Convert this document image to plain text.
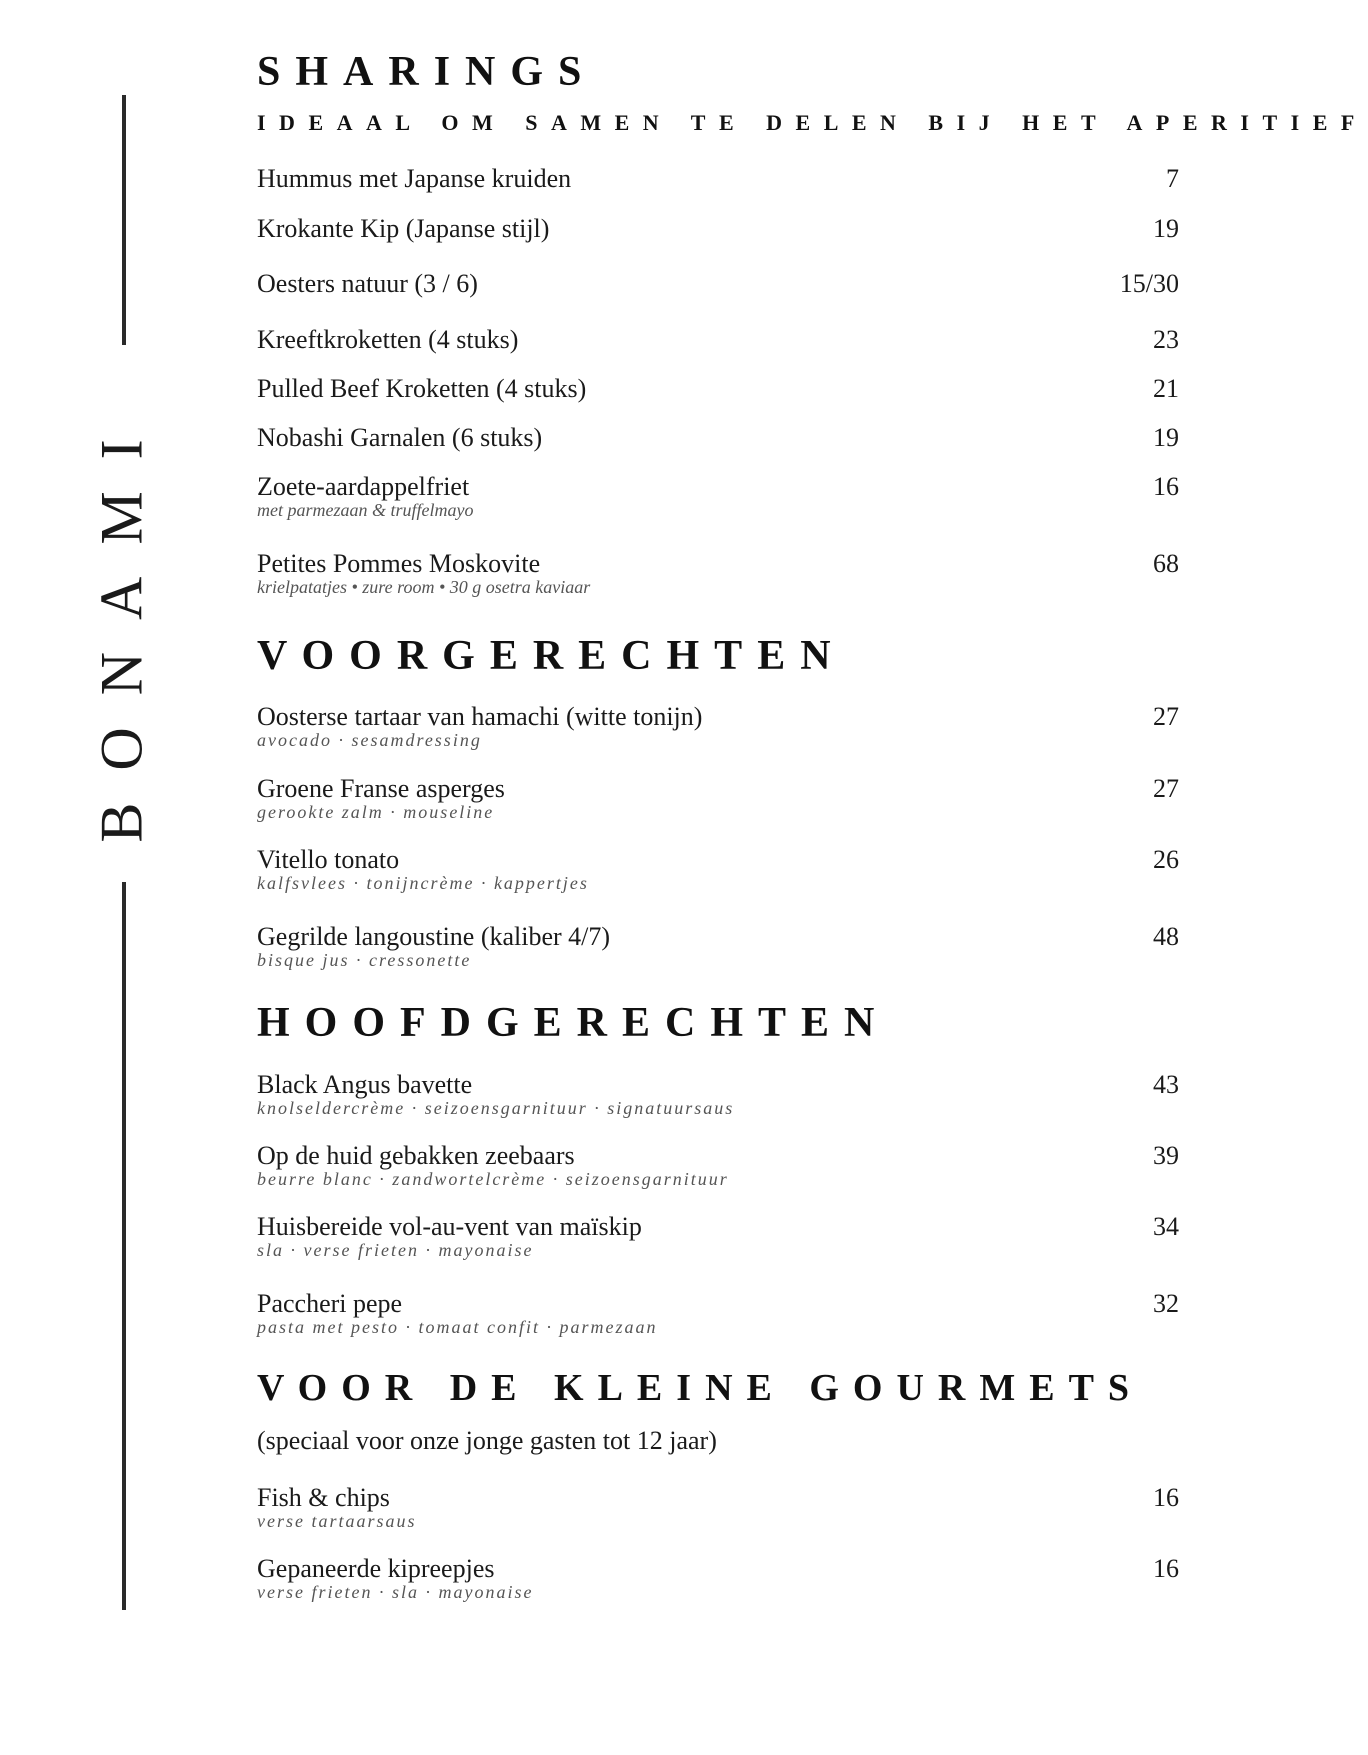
BONAMI
SHARINGS
IDEAAL OM SAMEN TE DELEN BIJ HET APERITIEF
Hummus met Japanse kruiden	7
Krokante Kip (Japanse stijl)	19
Oesters natuur (3 / 6)	15/30
Kreeftkroketten (4 stuks)	23
Pulled Beef Kroketten (4 stuks)	21
Nobashi Garnalen (6 stuks)	19
Zoete-aardappelfriet	16
met parmezaan & truffelmayo
Petites Pommes Moskovite	68
krielpatatjes • zure room • 30 g osetra kaviaar
VOORGERECHTEN
Oosterse tartaar van hamachi (witte tonijn)	27
avocado · sesamdressing
Groene Franse asperges	27
gerookte zalm · mouseline
Vitello tonato	26
kalfsvlees · tonijncrème · kappertjes
Gegrilde langoustine (kaliber 4/7)	48
bisque jus · cressonette
HOOFDGERECHTEN
Black Angus bavette	43
knolseldercrème · seizoensgarnituur · signatuursaus
Op de huid gebakken zeebaars	39
beurre blanc · zandwortelcrème · seizoensgarnituur
Huisbereide vol-au-vent van maïskip	34
sla · verse frieten · mayonaise
Paccheri pepe	32
pasta met pesto · tomaat confit · parmezaan
VOOR DE KLEINE GOURMETS
(speciaal voor onze jonge gasten tot 12 jaar)
Fish & chips	16
verse tartaarsaus
Gepaneerde kipreepjes	16
verse frieten · sla · mayonaise
